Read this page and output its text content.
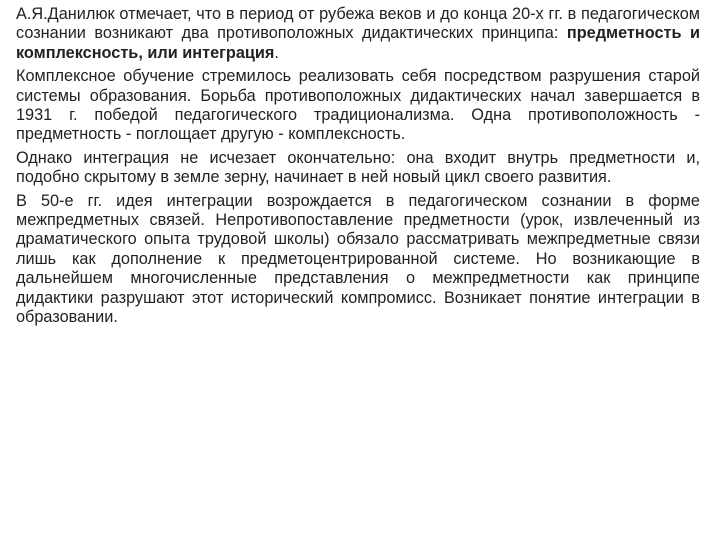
А.Я.Данилюк отмечает, что в период от рубежа веков и до конца 20-х гг. в педагогическом сознании возникают два противоположных дидактических принципа: предметность и комплексность, или интеграция.

Комплексное обучение стремилось реализовать себя посредством разрушения старой системы образования. Борьба противоположных дидактических начал завершается в 1931 г. победой педагогического традиционализма. Одна противоположность - предметность - поглощает другую - комплексность.

Однако интеграция не исчезает окончательно: она входит внутрь предметности и, подобно скрытому в земле зерну, начинает в ней новый цикл своего развития.

В 50-е гг. идея интеграции возрождается в педагогическом сознании в форме межпредметных связей. Непротивопоставление предметности (урок, извлеченный из драматического опыта трудовой школы) обязало рассматривать межпредметные связи лишь как дополнение к предметоцентрированной системе. Но возникающие в дальнейшем многочисленные представления о межпредметности как принципе дидактики разрушают этот исторический компромисс. Возникает понятие интеграции в образовании.
